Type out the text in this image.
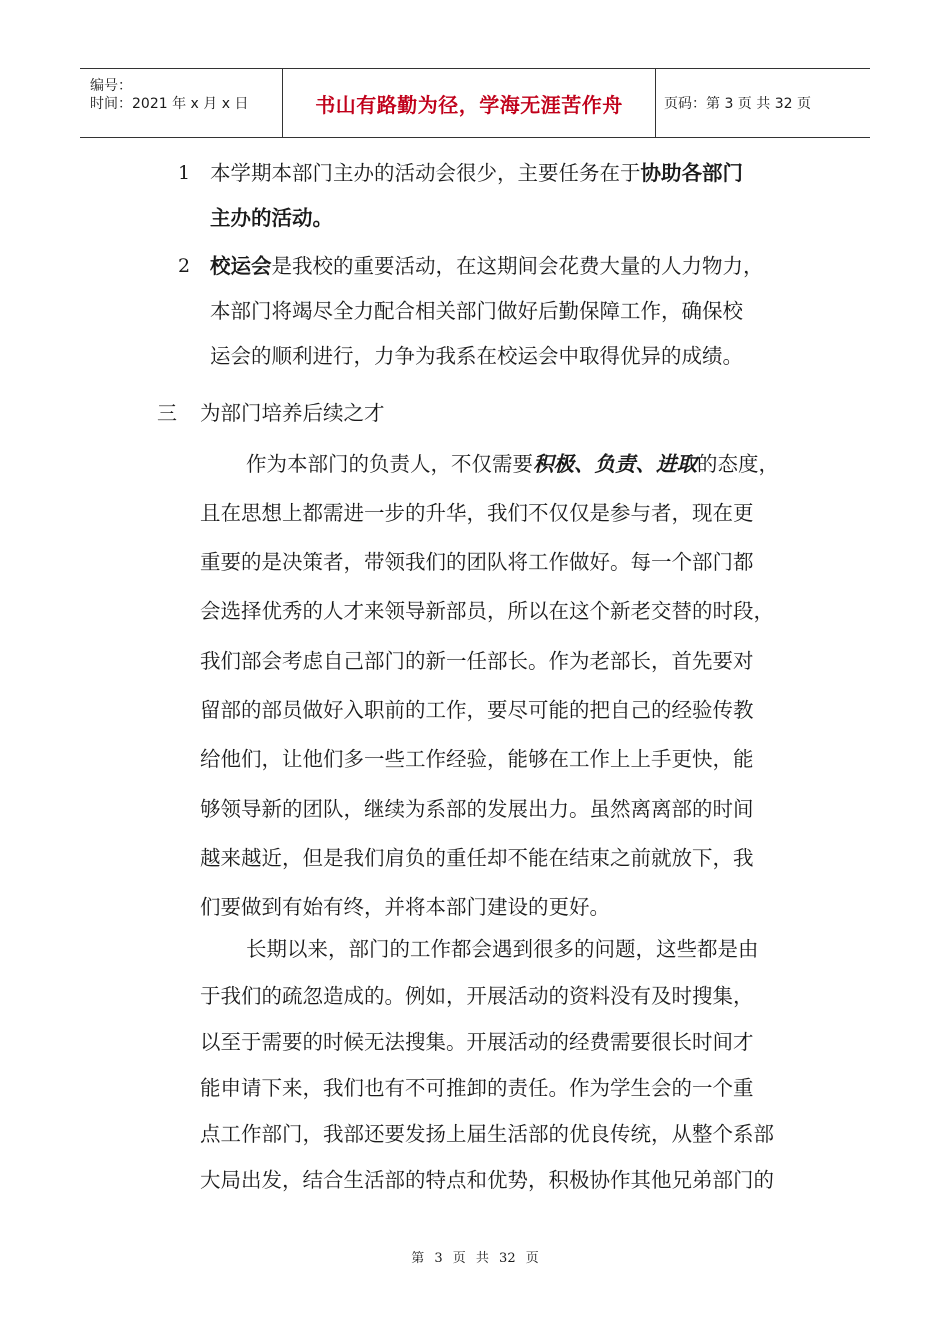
编号：
时间：2021 年 x 月 x 日	书山有路勤为径，学海无涯苦作舟	页码：第 3 页 共 32 页
1 本学期本部门主办的活动会很少，主要任务在于协助各部门
主办的活动。
2 校运会是我校的重要活动，在这期间会花费大量的人力物力，
本部门将竭尽全力配合相关部门做好后勤保障工作，确保校
运会的顺利进行，力争为我系在校运会中取得优异的成绩。
三 为部门培养后续之才
作为本部门的负责人，不仅需要积极、负责、进取的态度，
且在思想上都需进一步的升华，我们不仅仅是参与者，现在更
重要的是决策者，带领我们的团队将工作做好。每一个部门都
会选择优秀的人才来领导新部员，所以在这个新老交替的时段，
我们部会考虑自己部门的新一任部长。作为老部长，首先要对
留部的部员做好入职前的工作，要尽可能的把自己的经验传教
给他们，让他们多一些工作经验，能够在工作上上手更快，能
够领导新的团队，继续为系部的发展出力。虽然离离部的时间
越来越近，但是我们肩负的重任却不能在结束之前就放下，我
们要做到有始有终，并将本部门建设的更好。
长期以来，部门的工作都会遇到很多的问题，这些都是由
于我们的疏忽造成的。例如，开展活动的资料没有及时搜集，
以至于需要的时候无法搜集。开展活动的经费需要很长时间才
能申请下来，我们也有不可推卸的责任。作为学生会的一个重
点工作部门，我部还要发扬上届生活部的优良传统，从整个系部
大局出发，结合生活部的特点和优势，积极协作其他兄弟部门的
第 3 页 共 32 页
